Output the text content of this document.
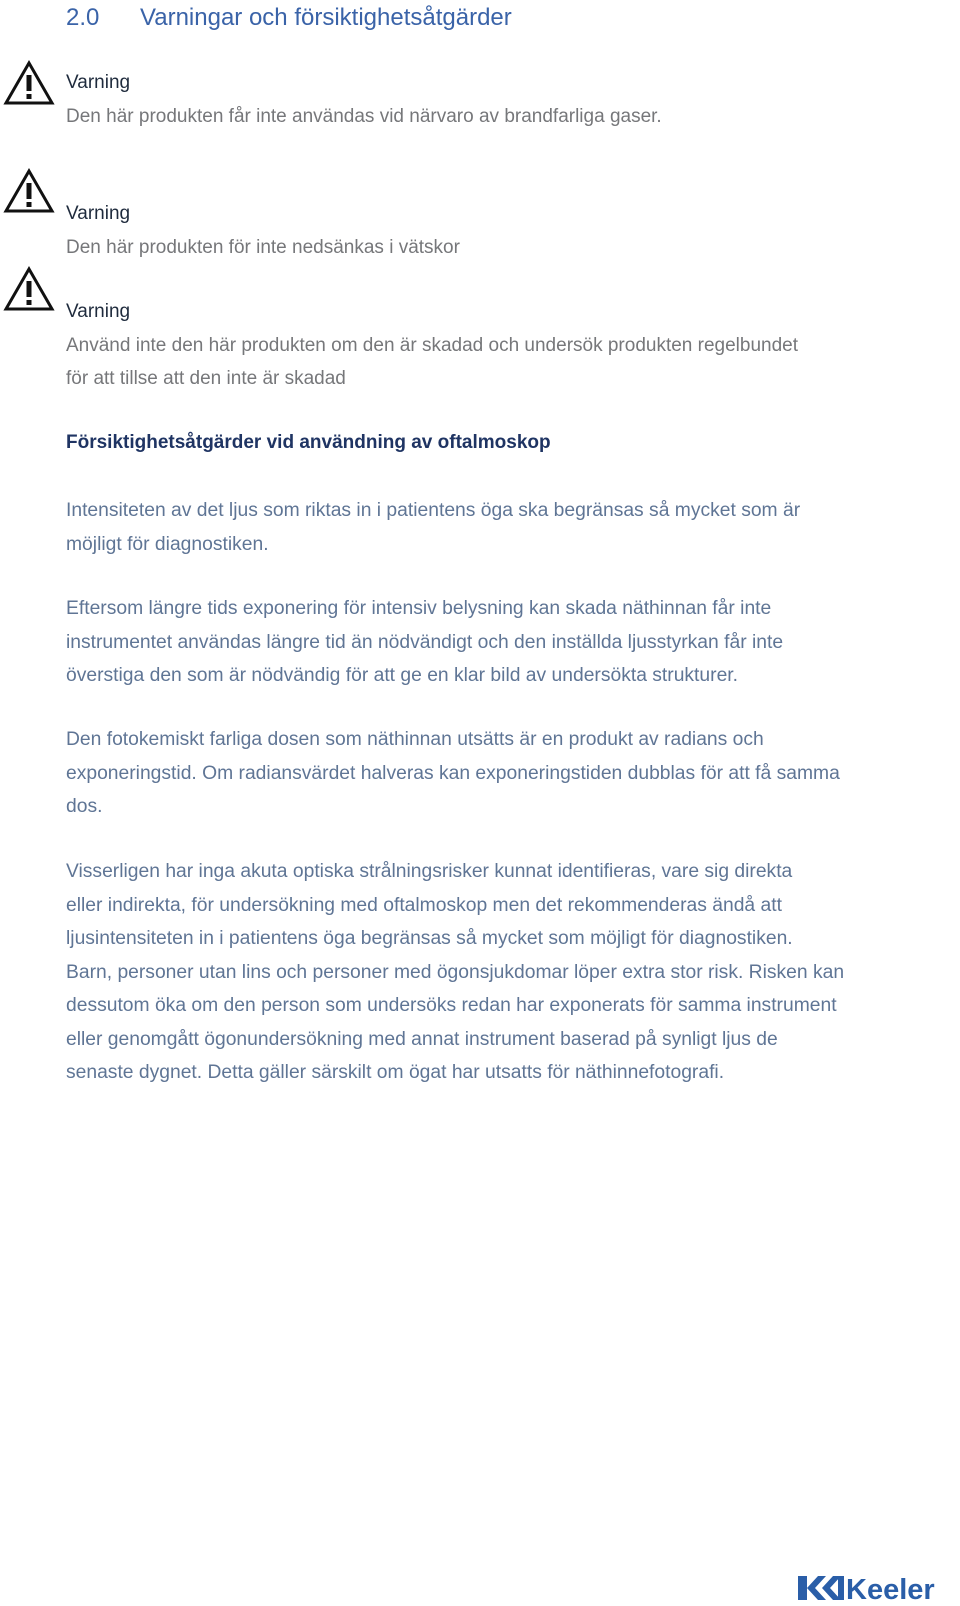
2.0 Varningar och försiktighetsåtgärder
Varning
Den här produkten får inte användas vid närvaro av brandfarliga gaser.
Varning
Den här produkten för inte nedsänkas i vätskor
Varning
Använd inte den här produkten om den är skadad och undersök produkten regelbundet
för att tillse att den inte är skadad
Försiktighetsåtgärder vid användning av oftalmoskop
Intensiteten av det ljus som riktas in i patientens öga ska begränsas så mycket som är
möjligt för diagnostiken.
Eftersom längre tids exponering för intensiv belysning kan skada näthinnan får inte
instrumentet användas längre tid än nödvändigt och den inställda ljusstyrkan får inte
överstiga den som är nödvändig för att ge en klar bild av undersökta strukturer.
Den fotokemiskt farliga dosen som näthinnan utsätts är en produkt av radians och
exponeringstid. Om radiansvärdet halveras kan exponeringstiden dubblas för att få samma
dos.
Visserligen har inga akuta optiska strålningsrisker kunnat identifieras, vare sig direkta
eller indirekta, för undersökning med oftalmoskop men det rekommenderas ändå att
ljusintensiteten in i patientens öga begränsas så mycket som möjligt för diagnostiken.
Barn, personer utan lins och personer med ögonsjukdomar löper extra stor risk. Risken kan
dessutom öka om den person som undersöks redan har exponerats för samma instrument
eller genomgått ögonundersökning med annat instrument baserad på synligt ljus de
senaste dygnet. Detta gäller särskilt om ögat har utsatts för näthinnefotografi.
Keeler
